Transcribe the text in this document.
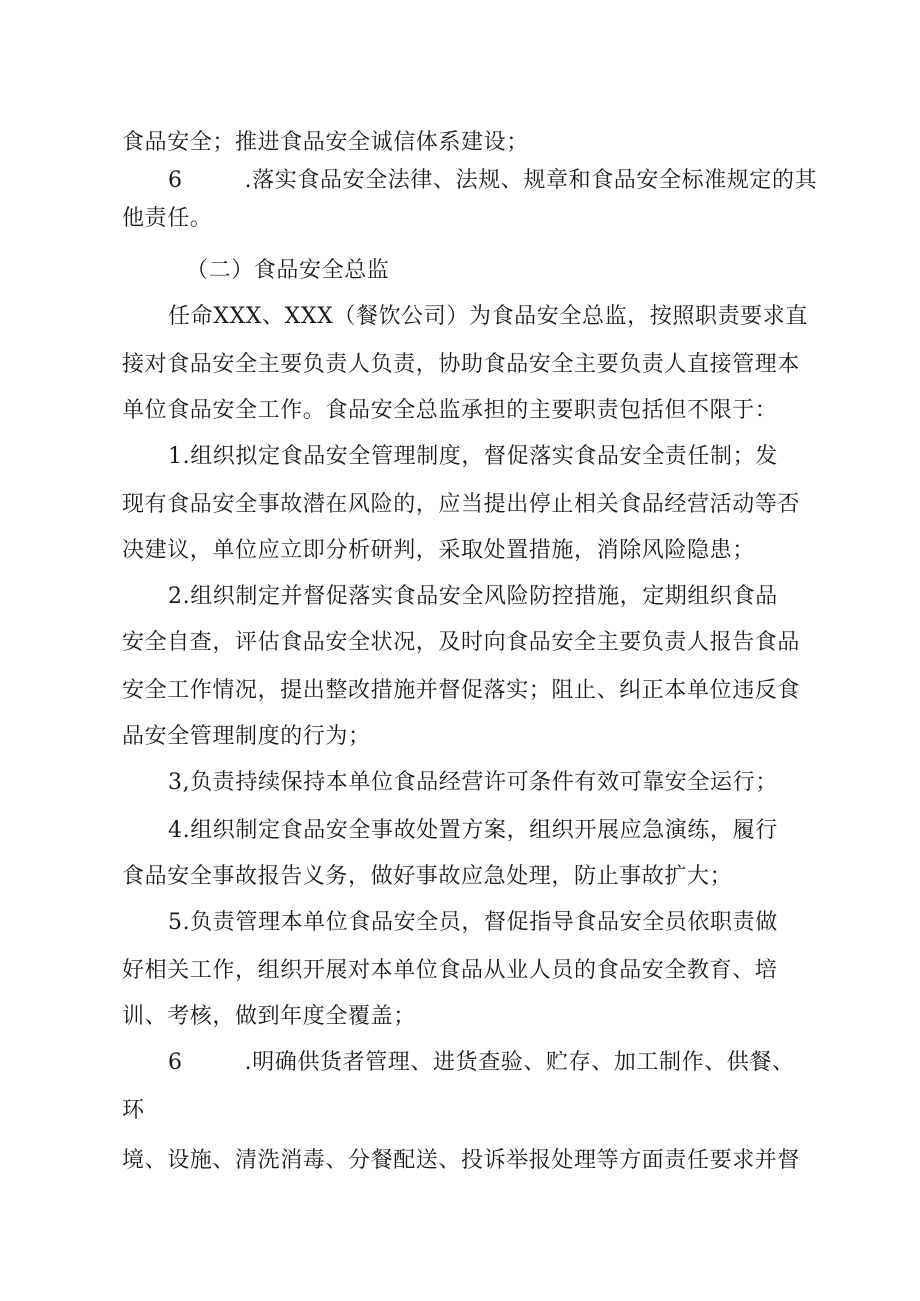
食品安全；推进食品安全诚信体系建设；
6	.落实食品安全法律、法规、规章和食品安全标准规定的其
他责任。
（二）食品安全总监
任命XXX、XXX（餐饮公司）为食品安全总监，按照职责要求直
接对食品安全主要负责人负责，协助食品安全主要负责人直接管理本
单位食品安全工作。食品安全总监承担的主要职责包括但不限于：
1.组织拟定食品安全管理制度，督促落实食品安全责任制；发
现有食品安全事故潜在风险的，应当提出停止相关食品经营活动等否
决建议，单位应立即分析研判，采取处置措施，消除风险隐患；
2.组织制定并督促落实食品安全风险防控措施，定期组织食品
安全自查，评估食品安全状况，及时向食品安全主要负责人报告食品
安全工作情况，提出整改措施并督促落实；阻止、纠正本单位违反食
品安全管理制度的行为；
3,负责持续保持本单位食品经营许可条件有效可靠安全运行；
4.组织制定食品安全事故处置方案，组织开展应急演练，履行
食品安全事故报告义务，做好事故应急处理，防止事故扩大；
5.负责管理本单位食品安全员，督促指导食品安全员依职责做
好相关工作，组织开展对本单位食品从业人员的食品安全教育、培
训、考核，做到年度全覆盖；
6	.明确供货者管理、进货查验、贮存、加工制作、供餐、
环
境、设施、清洗消毒、分餐配送、投诉举报处理等方面责任要求并督
